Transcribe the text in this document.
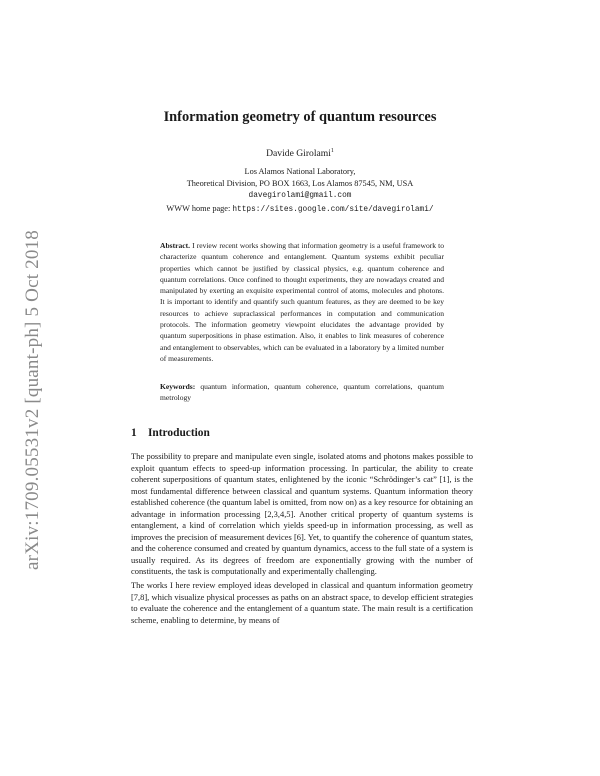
arXiv:1709.05531v2 [quant-ph] 5 Oct 2018
Information geometry of quantum resources
Davide Girolami$^1$
Los Alamos National Laboratory,
Theoretical Division, PO BOX 1663, Los Alamos 87545, NM, USA
davegirolami@gmail.com
WWW home page: https://sites.google.com/site/davegirolami/
Abstract. I review recent works showing that information geometry is a useful framework to characterize quantum coherence and entanglement. Quantum systems exhibit peculiar properties which cannot be justified by classical physics, e.g. quantum coherence and quantum correlations. Once confined to thought experiments, they are nowadays created and manipulated by exerting an exquisite experimental control of atoms, molecules and photons. It is important to identify and quantify such quantum features, as they are deemed to be key resources to achieve supraclassical performances in computation and communication protocols. The information geometry viewpoint elucidates the advantage provided by quantum superpositions in phase estimation. Also, it enables to link measures of coherence and entanglement to observables, which can be evaluated in a laboratory by a limited number of measurements.
Keywords: quantum information, quantum coherence, quantum correlations, quantum metrology
1 Introduction

The possibility to prepare and manipulate even single, isolated atoms and photons makes possible to exploit quantum effects to speed-up information processing. In particular, the ability to create coherent superpositions of quantum states, enlightened by the iconic “Schrödinger’s cat” [1], is the most fundamental difference between classical and quantum systems. Quantum information theory established coherence (the quantum label is omitted, from now on) as a key resource for obtaining an advantage in information processing [2,3,4,5]. Another critical property of quantum systems is entanglement, a kind of correlation which yields speed-up in information processing, as well as improves the precision of measurement devices [6]. Yet, to quantify the coherence of quantum states, and the coherence consumed and created by quantum dynamics, access to the full state of a system is usually required. As its degrees of freedom are exponentially growing with the number of constituents, the task is computationally and experimentally challenging.

The works I here review employed ideas developed in classical and quantum information geometry [7,8], which visualize physical processes as paths on an abstract space, to develop efficient strategies to evaluate the coherence and the entanglement of a quantum state. The main result is a certification scheme, enabling to determine, by means of
